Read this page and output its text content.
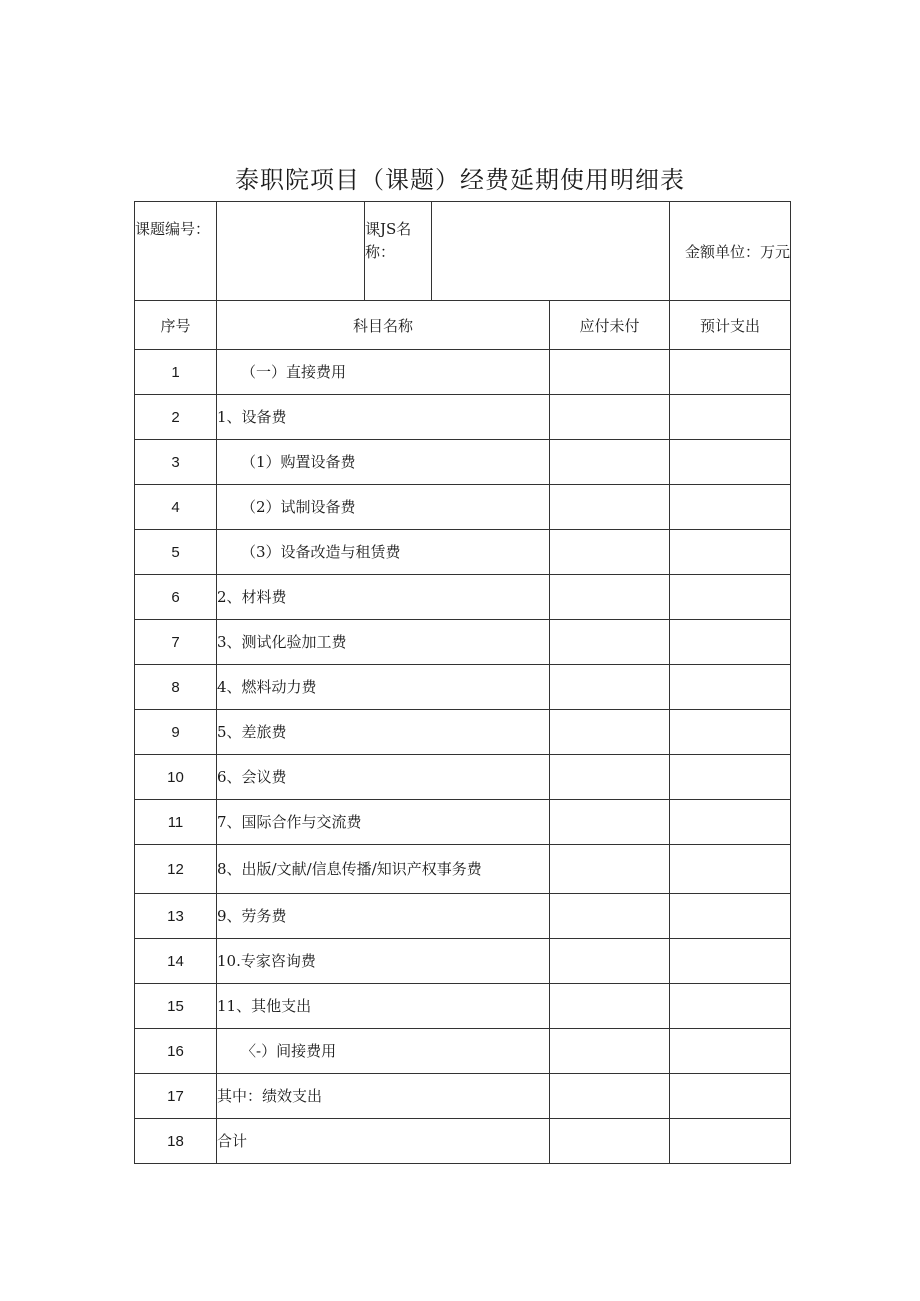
泰职院项目（课题）经费延期使用明细表
课题编号：		课JS名称：			金额单位：万元	
序号	科目名称			应付未付	预计支出	
1	（一）直接费用					
2	1、设备费					
3	（1）购置设备费					
4	（2）试制设备费					
5	（3）设备改造与租赁费					
6	2、材料费					
7	3、测试化验加工费					
8	4、燃料动力费					
9	5、差旅费					
10	6、会议费					
11	7、国际合作与交流费					
12	8、出版/文献/信息传播/知识产权事务费					
13	9、劳务费					
14	10.专家咨询费					
15	11、其他支出					
16	〈-）间接费用					
17	其中：绩效支出					
18	合计					
